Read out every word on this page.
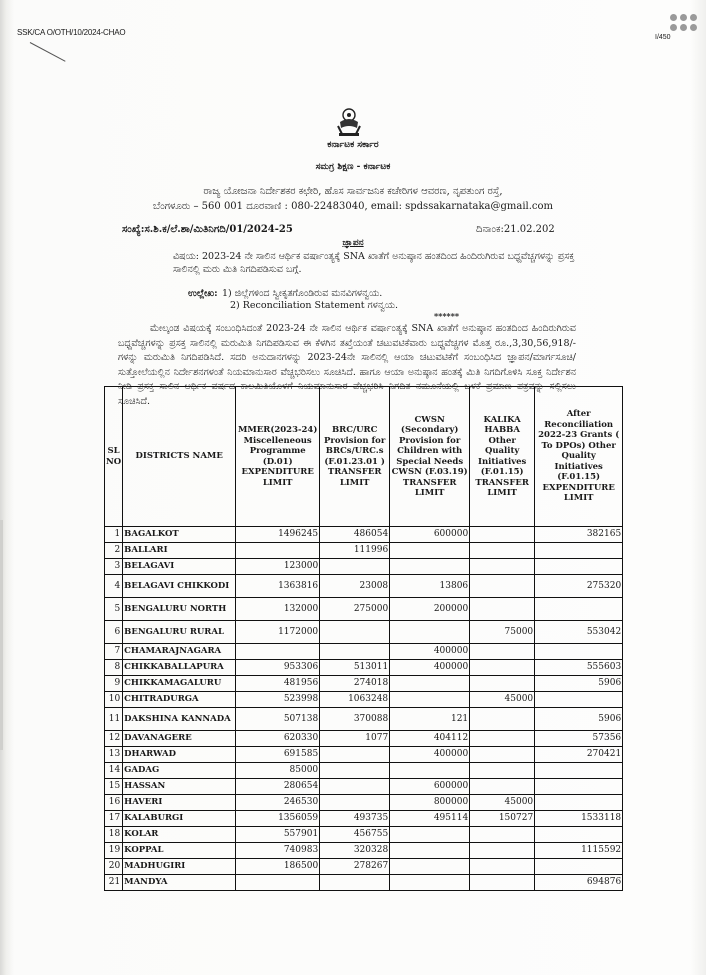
SSK/CA O/OTH/10/2024-CHAO
I/450
ಕರ್ನಾಟಕ ಸರ್ಕಾರ
ಸಮಗ್ರ ಶಿಕ್ಷಣ - ಕರ್ನಾಟಕ
ರಾಜ್ಯ ಯೋಜನಾ ನಿರ್ದೇಶಕರ ಕಛೇರಿ, ಹೊಸ ಸಾರ್ವಜನಿಕ ಕಚೇರಿಗಳ ಆವರಣ, ನೃಪತುಂಗ ರಸ್ತೆ,
ಬೆಂಗಳೂರು – 560 001 ದೂರವಾಣಿ : 080-22483040, email: spdssakarnataka@gmail.com
ಸಂಖ್ಯೆ:ಸ.ಶಿ.ಕ/ಲೆ.ಶಾ/ಮಿತಿನಿಗದಿ/01/2024-25	ದಿನಾಂಕ:21.02.202
ಜ್ಞಾಪನ
ವಿಷಯ: 2023-24 ನೇ ಸಾಲಿನ ಆರ್ಥಿಕ ವರ್ಷಾಂತ್ಯಕ್ಕೆ SNA ಖಾತೆಗೆ ಅನುಷ್ಠಾನ ಹಂತದಿಂದ ಹಿಂದಿರುಗಿರುವ ಬಧ್ದವೆಚ್ಚಗಳನ್ನು ಪ್ರಸಕ್ತ ಸಾಲಿನಲ್ಲಿ ಮರು ಮಿತಿ ನಿಗದಿಪಡಿಸುವ ಬಗ್ಗೆ.
ಉಲ್ಲೇಖ: 1) ಜಿಲ್ಲೆಗಳಿಂದ ಸ್ವೀಕೃತಗೊಂಡಿರುವ ಮನವಿಗಳನ್ವಯ.
2) Reconciliation Statement ಗಳನ್ವಯ.
******
ಮೇಲ್ಕಂಡ ವಿಷಯಕ್ಕೆ ಸಂಬಂಧಿಸಿದಂತೆ 2023-24 ನೇ ಸಾಲಿನ ಆರ್ಥಿಕ ವರ್ಷಾಂತ್ಯಕ್ಕೆ SNA ಖಾತೆಗೆ ಅನುಷ್ಠಾನ ಹಂತದಿಂದ ಹಿಂದಿರುಗಿರುವ ಬಧ್ದವೆಚ್ಚಗಳನ್ನು ಪ್ರಸಕ್ತ ಸಾಲಿನಲ್ಲಿ ಮರುಮಿತಿ ನಿಗದಿಪಡಿಸುವ ಈ ಕೆಳಗಿನ ತಖ್ತೆಯಂತೆ ಚಟುವಟಿಕೆವಾರು ಬಧ್ದವೆಚ್ಚಗಳ ಮೊತ್ತ ರೂ.,3,30,56,918/- ಗಳನ್ನು ಮರುಮಿತಿ ನಿಗದಿಪಡಿಸಿದೆ. ಸದರಿ ಅನುದಾನಗಳನ್ನು 2023-24ನೇ ಸಾಲಿನಲ್ಲಿ ಆಯಾ ಚಟುವಟಿಕೆಗೆ ಸಂಬಂಧಿಸಿದ ಜ್ಞಾಪನ/ಮಾರ್ಗಸೂಚಿ/ಸುತ್ತೋಲೆಯಲ್ಲಿನ ನಿರ್ದೇಶನಗಳಂತೆ ನಿಯಮಾನುಸಾರ ವೆಚ್ಚಭರಿಸಲು ಸೂಚಿಸಿದೆ. ಹಾಗೂ ಆಯಾ ಅನುಷ್ಠಾನ ಹಂತಕ್ಕೆ ಮಿತಿ ನಿಗದಿಗೊಳಿಸಿ ಸೂಕ್ತ ನಿರ್ದೇಶನ ನೀಡಿ ಪ್ರಸಕ್ತ ಸಾಲಿನ ಆರ್ಥಿಕ ವರ್ಷದ ಕಾಲಮಿತಿಯೊಳಗೆ ನಿಯಮಾನುಸಾರ ವೆಚ್ಚಭರಿಸಿ ನಿಗದಿತ ನಮೂನೆಯಲ್ಲಿ ಬಳಕೆ ಪ್ರಮಾಣ ಪತ್ರವನ್ನು ಸಲ್ಲಿಸಲು ಸೂಚಿಸಿದೆ.
SL NO	DISTRICTS NAME	MMER(2023-24) Miscelleneous Programme (D.01) EXPENDITURE LIMIT	BRC/URC Provision for BRCs/URC.s (F.01.23.01 ) TRANSFER LIMIT	CWSN (Secondary) Provision for Children with Special Needs CWSN (F.03.19) TRANSFER LIMIT	KALIKA HABBA Other Quality Initiatives (F.01.15) TRANSFER LIMIT	After Reconciliation 2022-23 Grants ( To DPOs) Other Quality Initiatives (F.01.15) EXPENDITURE LIMIT
1	BAGALKOT	1496245	486054	600000		382165
2	BALLARI		111996			
3	BELAGAVI	123000				
4	BELAGAVI CHIKKODI	1363816	23008	13806		275320
5	BENGALURU NORTH	132000	275000	200000		
6	BENGALURU RURAL	1172000			75000	553042
7	CHAMARAJNAGARA			400000		
8	CHIKKABALLAPURA	953306	513011	400000		555603
9	CHIKKAMAGALURU	481956	274018			5906
10	CHITRADURGA	523998	1063248		45000	
11	DAKSHINA KANNADA	507138	370088	121		5906
12	DAVANAGERE	620330	1077	404112		57356
13	DHARWAD	691585		400000		270421
14	GADAG	85000				
15	HASSAN	280654		600000		
16	HAVERI	246530		800000	45000	
17	KALABURGI	1356059	493735	495114	150727	1533118
18	KOLAR	557901	456755			
19	KOPPAL	740983	320328			1115592
20	MADHUGIRI	186500	278267			
21	MANDYA					694876
